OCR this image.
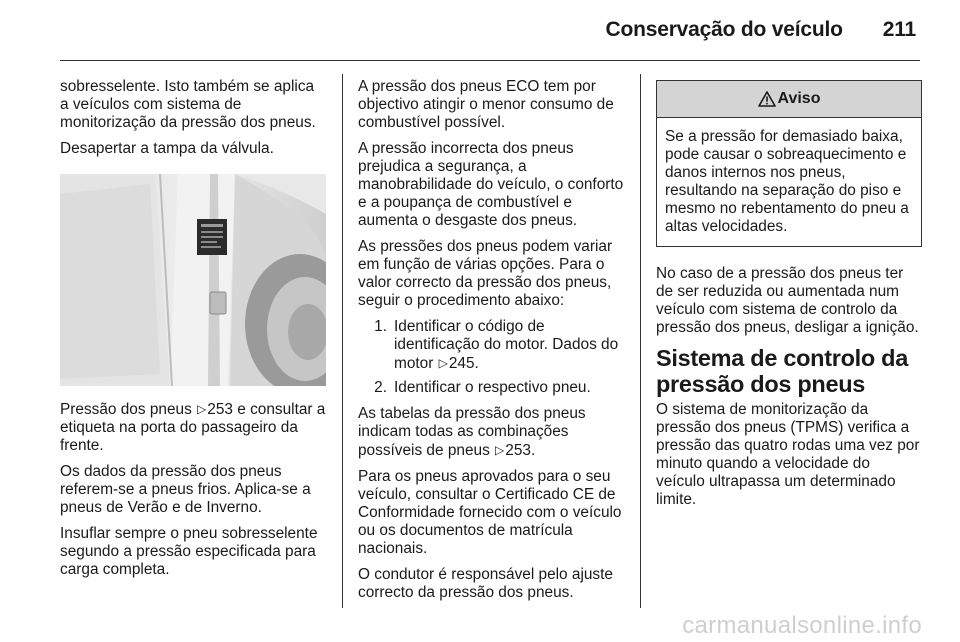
Conservação do veículo 211

sobresselente. Isto também se aplica a veículos com sistema de monitorização da pressão dos pneus.

Desapertar a tampa da válvula.

Pressão dos pneus ▷253 e consultar a etiqueta na porta do passageiro da frente.

Os dados da pressão dos pneus referem-se a pneus frios. Aplica-se a pneus de Verão e de Inverno.

Insuflar sempre o pneu sobresselente segundo a pressão especificada para carga completa.

A pressão dos pneus ECO tem por objectivo atingir o menor consumo de combustível possível.

A pressão incorrecta dos pneus prejudica a segurança, a manobrabilidade do veículo, o conforto e a poupança de combustível e aumenta o desgaste dos pneus.

As pressões dos pneus podem variar em função de várias opções. Para o valor correcto da pressão dos pneus, seguir o procedimento abaixo:

1. Identificar o código de identificação do motor. Dados do motor ▷245.
2. Identificar o respectivo pneu.

As tabelas da pressão dos pneus indicam todas as combinações possíveis de pneus ▷253.

Para os pneus aprovados para o seu veículo, consultar o Certificado CE de Conformidade fornecido com o veículo ou os documentos de matrícula nacionais.

O condutor é responsável pelo ajuste correcto da pressão dos pneus.

Aviso
Se a pressão for demasiado baixa, pode causar o sobreaquecimento e danos internos nos pneus, resultando na separação do piso e mesmo no rebentamento do pneu a altas velocidades.

No caso de a pressão dos pneus ter de ser reduzida ou aumentada num veículo com sistema de controlo da pressão dos pneus, desligar a ignição.

Sistema de controlo da pressão dos pneus

O sistema de monitorização da pressão dos pneus (TPMS) verifica a pressão das quatro rodas uma vez por minuto quando a velocidade do veículo ultrapassa um determinado limite.

carmanualsonline.info
